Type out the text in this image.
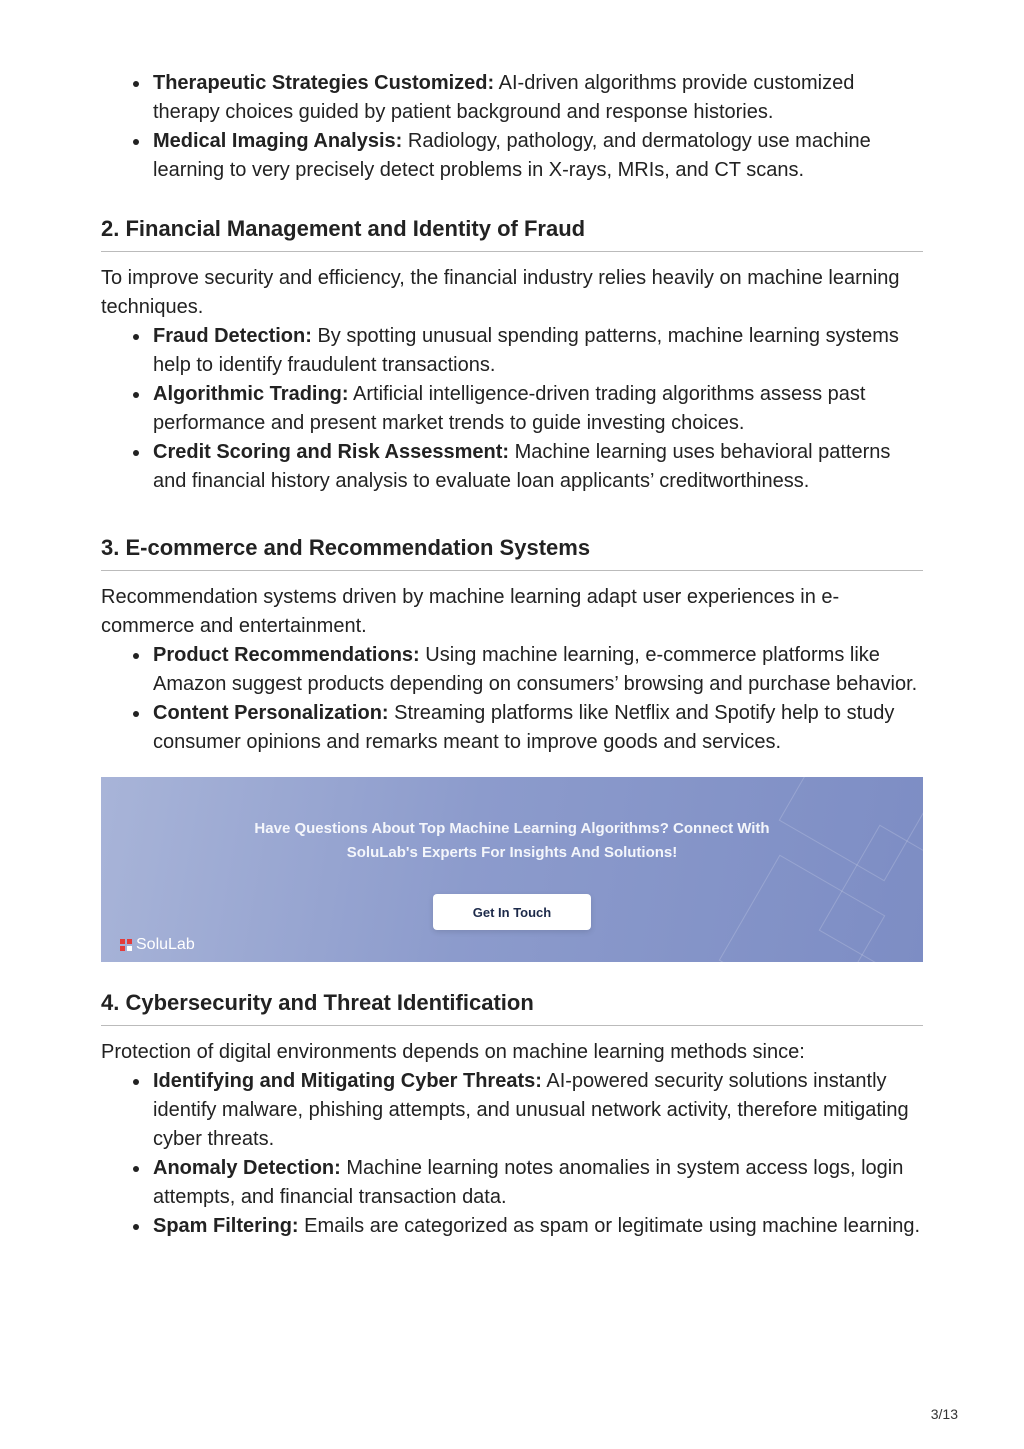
Therapeutic Strategies Customized: AI-driven algorithms provide customized therapy choices guided by patient background and response histories.
Medical Imaging Analysis: Radiology, pathology, and dermatology use machine learning to very precisely detect problems in X-rays, MRIs, and CT scans.
2. Financial Management and Identity of Fraud

To improve security and efficiency, the financial industry relies heavily on machine learning techniques.

Fraud Detection: By spotting unusual spending patterns, machine learning systems help to identify fraudulent transactions.
Algorithmic Trading: Artificial intelligence-driven trading algorithms assess past performance and present market trends to guide investing choices.
Credit Scoring and Risk Assessment: Machine learning uses behavioral patterns and financial history analysis to evaluate loan applicants’ creditworthiness.
3. E-commerce and Recommendation Systems

Recommendation systems driven by machine learning adapt user experiences in e-commerce and entertainment.

Product Recommendations: Using machine learning, e-commerce platforms like Amazon suggest products depending on consumers’ browsing and purchase behavior.
Content Personalization: Streaming platforms like Netflix and Spotify help to study consumer opinions and remarks meant to improve goods and services.
Have Questions About Top Machine Learning Algorithms? Connect With
SoluLab's Experts For Insights And Solutions!
Get In Touch
SoluLab
4. Cybersecurity and Threat Identification

Protection of digital environments depends on machine learning methods since:

Identifying and Mitigating Cyber Threats: AI-powered security solutions instantly identify malware, phishing attempts, and unusual network activity, therefore mitigating cyber threats.
Anomaly Detection: Machine learning notes anomalies in system access logs, login attempts, and financial transaction data.
Spam Filtering: Emails are categorized as spam or legitimate using machine learning.
3/13
